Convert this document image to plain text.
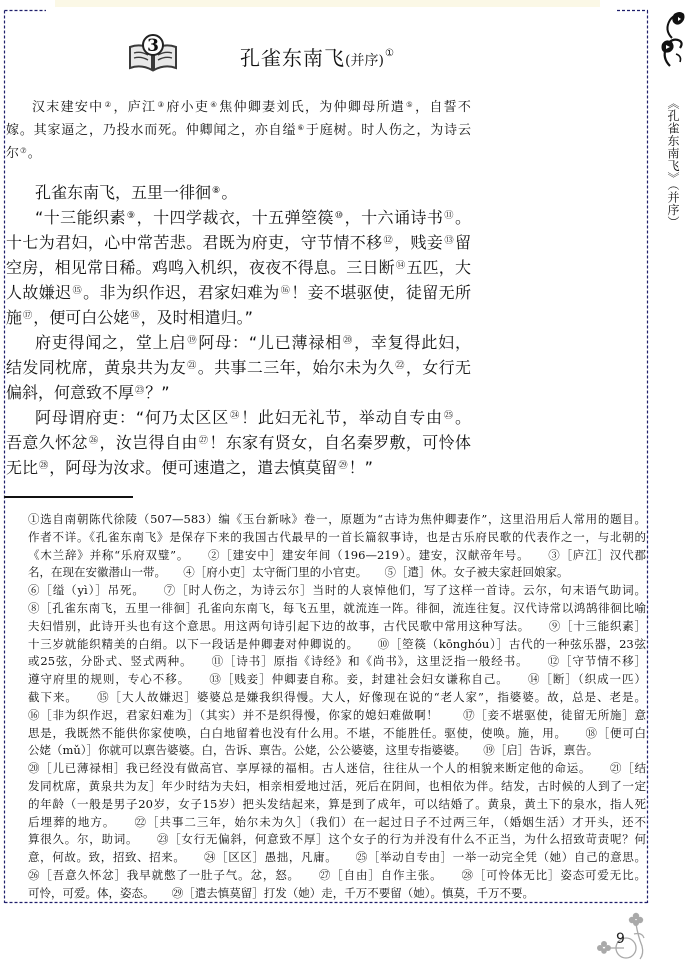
3	孔雀东南飞(并序)①
《孔雀东南飞》（并序）
汉末建安中②，庐江③府小吏④焦仲卿妻刘氏，为仲卿母所遣⑤，自誓不
嫁。其家逼之，乃投水而死。仲卿闻之，亦自缢⑥于庭树。时人伤之，为诗云
尔⑦。
孔雀东南飞，五里一徘徊⑧。
“十三能织素⑨，十四学裁衣，十五弹箜篌⑩，十六诵诗书⑪。
十七为君妇，心中常苦悲。君既为府吏，守节情不移⑫，贱妾⑬留
空房，相见常日稀。鸡鸣入机织，夜夜不得息。三日断⑭五匹，大
人故嫌迟⑮。非为织作迟，君家妇难为⑯！妾不堪驱使，徒留无所
施⑰，便可白公姥⑱，及时相遣归。”
府吏得闻之，堂上启⑲阿母：“儿已薄禄相⑳，幸复得此妇，
结发同枕席，黄泉共为友$^㉑$。共事二三年，始尔未为久$^㉒$，女行无
偏斜，何意致不厚$^㉓$？”
阿母谓府吏：“何乃太区区$^㉔$！此妇无礼节，举动自专由$^㉕$。
吾意久怀忿$^㉖$，汝岂得自由$^㉗$！东家有贤女，自名秦罗敷，可怜体
无比$^㉘$，阿母为汝求。便可速遣之，遣去慎莫留$^㉙$！”
①选自南朝陈代徐陵（507—583）编《玉台新咏》卷一，原题为“古诗为焦仲卿妻作”，这里沿用后人常用的题目。
作者不详。《孔雀东南飞》是保存下来的我国古代最早的一首长篇叙事诗，也是古乐府民歌的代表作之一，与北朝的
《木兰辞》并称“乐府双璧”。　　②［建安中］建安年间（196—219）。建安，汉献帝年号。　　③［庐江］汉代郡
名，在现在安徽潜山一带。　　④［府小吏］太守衙门里的小官吏。　　⑤［遣］休。女子被夫家赶回娘家。
⑥［缢（yì）］吊死。　　⑦［时人伤之，为诗云尔］当时的人哀悼他们，写了这样一首诗。云尔，句末语气助词。
⑧［孔雀东南飞，五里一徘徊］孔雀向东南飞，每飞五里，就流连一阵。徘徊，流连往复。汉代诗常以鸿鹄徘徊比喻
夫妇惜别，此诗开头也有这个意思。用这两句诗引起下边的故事，古代民歌中常用这种写法。　　⑨［十三能织素］
十三岁就能织精美的白绢。以下一段话是仲卿妻对仲卿说的。　　⑩［箜篌（kōnghóu）］古代的一种弦乐器，23弦
或25弦，分卧式、竖式两种。　　⑪［诗书］原指《诗经》和《尚书》，这里泛指一般经书。　　⑫［守节情不移］
遵守府里的规则，专心不移。　　⑬［贱妾］仲卿妻自称。妾，封建社会妇女谦称自己。　　⑭［断］（织成一匹）
截下来。　　⑮［大人故嫌迟］婆婆总是嫌我织得慢。大人，好像现在说的“老人家”，指婆婆。故，总是、老是。
⑯［非为织作迟，君家妇难为］（其实）并不是织得慢，你家的媳妇难做啊！　　⑰［妾不堪驱使，徒留无所施］意
思是，我既然不能供你家使唤，白白地留着也没有什么用。不堪，不能胜任。驱使，使唤。施，用。　　⑱［便可白
公姥（mǔ）］你就可以禀告婆婆。白，告诉、禀告。公姥，公公婆婆，这里专指婆婆。　　⑲［启］告诉，禀告。
⑳［儿已薄禄相］我已经没有做高官、享厚禄的福相。古人迷信，往往从一个人的相貌来断定他的命运。　　㉑［结
发同枕席，黄泉共为友］年少时结为夫妇，相亲相爱地过活，死后在阴间，也相依为伴。结发，古时候的人到了一定
的年龄（一般是男子20岁，女子15岁）把头发结起来，算是到了成年，可以结婚了。黄泉，黄土下的泉水，指人死
后埋葬的地方。　　㉒［共事二三年，始尔未为久］（我们）在一起过日子不过两三年，（婚姻生活）才开头，还不
算很久。尔，助词。　　㉓［女行无偏斜，何意致不厚］这个女子的行为并没有什么不正当，为什么招致苛责呢？何
意，何故。致，招致、招来。　　㉔［区区］愚拙，凡庸。　　㉕［举动自专由］一举一动完全凭（她）自己的意思。
㉖［吾意久怀忿］我早就憋了一肚子气。忿，怒。　　㉗［自由］自作主张。　　㉘［可怜体无比］姿态可爱无比。
可怜，可爱。体，姿态。　　㉙［遣去慎莫留］打发（她）走，千万不要留（她）。慎莫，千万不要。
9
